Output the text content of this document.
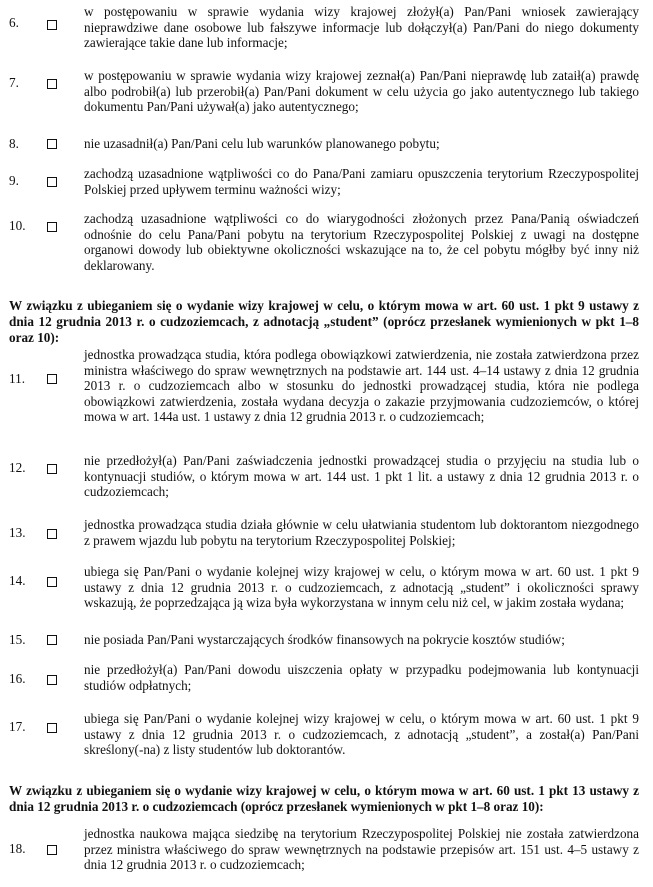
6.
w postępowaniu w sprawie wydania wizy krajowej złożył(a) Pan/Pani wniosek zawierający nieprawdziwe dane osobowe lub fałszywe informacje lub dołączył(a) Pan/Pani do niego dokumenty zawierające takie dane lub informacje;
7.	w postępowaniu w sprawie wydania wizy krajowej zeznał(a) Pan/Pani nieprawdę lub zataił(a) prawdę albo podrobił(a) lub przerobił(a) Pan/Pani dokument w celu użycia go jako autentycznego lub takiego dokumentu Pan/Pani używał(a) jako autentycznego;
8.	nie uzasadnił(a) Pan/Pani celu lub warunków planowanego pobytu;
9.	zachodzą uzasadnione wątpliwości co do Pana/Pani zamiaru opuszczenia terytorium Rzeczypospolitej Polskiej przed upływem terminu ważności wizy;
10.	zachodzą uzasadnione wątpliwości co do wiarygodności złożonych przez Pana/Panią oświadczeń odnośnie do celu Pana/Pani pobytu na terytorium Rzeczypospolitej Polskiej z uwagi na dostępne organowi dowody lub obiektywne okoliczności wskazujące na to, że cel pobytu mógłby być inny niż deklarowany.
W związku z ubieganiem się o wydanie wizy krajowej w celu, o którym mowa w art. 60 ust. 1 pkt 9 ustawy z dnia 12 grudnia 2013 r. o cudzoziemcach, z adnotacją „student” (oprócz przesłanek wymienionych w pkt 1–8 oraz 10):
11.
jednostka prowadząca studia, która podlega obowiązkowi zatwierdzenia, nie została zatwierdzona przez ministra właściwego do spraw wewnętrznych na podstawie art. 144 ust. 4–14 ustawy z dnia 12 grudnia 2013 r. o cudzoziemcach albo w stosunku do jednostki prowadzącej studia, która nie podlega obowiązkowi zatwierdzenia, została wydana decyzja o zakazie przyjmowania cudzoziemców, o której mowa w art. 144a ust. 1 ustawy z dnia 12 grudnia 2013 r. o cudzoziemcach;
12.	nie przedłożył(a) Pan/Pani zaświadczenia jednostki prowadzącej studia o przyjęciu na studia lub o kontynuacji studiów, o którym mowa w art. 144 ust. 1 pkt 1 lit. a ustawy z dnia 12 grudnia 2013 r. o cudzoziemcach;
13.
jednostka prowadząca studia działa głównie w celu ułatwiania studentom lub doktorantom niezgodnego z prawem wjazdu lub pobytu na terytorium Rzeczypospolitej Polskiej;
14.
ubiega się Pan/Pani o wydanie kolejnej wizy krajowej w celu, o którym mowa w art. 60 ust. 1 pkt 9 ustawy z dnia 12 grudnia 2013 r. o cudzoziemcach, z adnotacją „student” i okoliczności sprawy wskazują, że poprzedzająca ją wiza była wykorzystana w innym celu niż cel, w jakim została wydana;
15.	nie posiada Pan/Pani wystarczających środków finansowych na pokrycie kosztów studiów;
16.
nie przedłożył(a) Pan/Pani dowodu uiszczenia opłaty w przypadku podejmowania lub kontynuacji studiów odpłatnych;
17.
ubiega się Pan/Pani o wydanie kolejnej wizy krajowej w celu, o którym mowa w art. 60 ust. 1 pkt 9 ustawy z dnia 12 grudnia 2013 r. o cudzoziemcach, z adnotacją „student”, a został(a) Pan/Pani skreślony(-na) z listy studentów lub doktorantów.
W związku z ubieganiem się o wydanie wizy krajowej w celu, o którym mowa w art. 60 ust. 1 pkt 13 ustawy z dnia 12 grudnia 2013 r. o cudzoziemcach (oprócz przesłanek wymienionych w pkt 1–8 oraz 10):
18.
jednostka naukowa mająca siedzibę na terytorium Rzeczypospolitej Polskiej nie została zatwierdzona przez ministra właściwego do spraw wewnętrznych na podstawie przepisów art. 151 ust. 4–5 ustawy z dnia 12 grudnia 2013 r. o cudzoziemcach;
